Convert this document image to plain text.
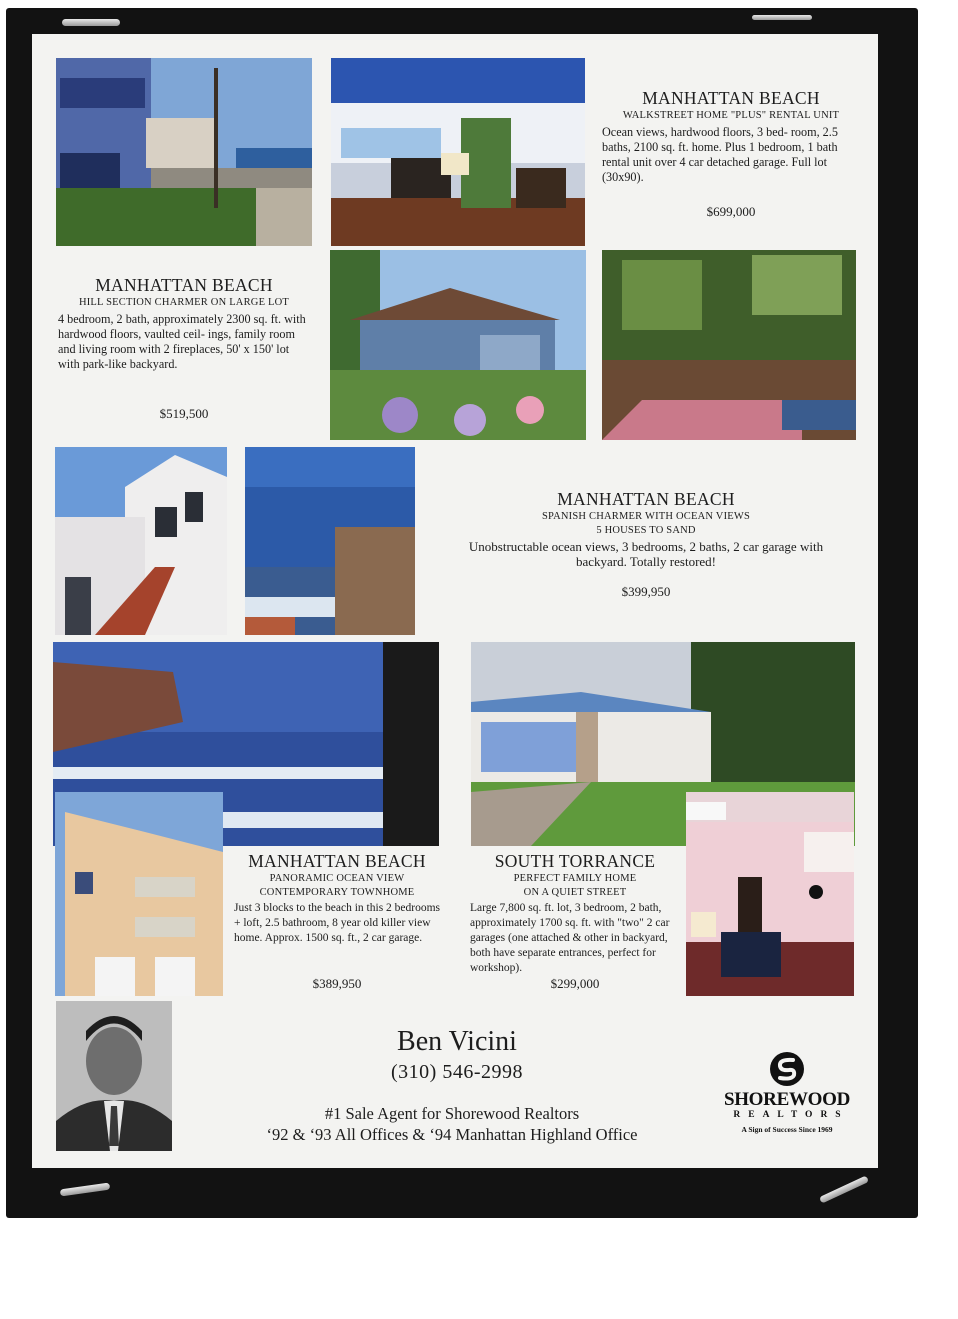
MANHATTAN BEACH
WALKSTREET HOME "PLUS" RENTAL UNIT
Ocean views, hardwood floors, 3 bed- room, 2.5 baths, 2100 sq. ft. home. Plus 1 bedroom, 1 bath rental unit over 4 car detached garage. Full lot (30x90).
$699,000
MANHATTAN BEACH
HILL SECTION CHARMER ON LARGE LOT
4 bedroom, 2 bath, approximately 2300 sq. ft. with hardwood floors, vaulted ceil- ings, family room and living room with 2 fireplaces, 50' x 150' lot with park-like backyard.
$519,500
MANHATTAN BEACH
SPANISH CHARMER WITH OCEAN VIEWS
5 HOUSES TO SAND
Unobstructable ocean views, 3 bedrooms, 2 baths, 2 car garage with backyard. Totally restored!
$399,950
MANHATTAN BEACH
PANORAMIC OCEAN VIEW
CONTEMPORARY TOWNHOME
Just 3 blocks to the beach in this 2 bedrooms + loft, 2.5 bathroom, 8 year old killer view home. Approx. 1500 sq. ft., 2 car garage.
$389,950
SOUTH TORRANCE
PERFECT FAMILY HOME
ON A QUIET STREET
Large 7,800 sq. ft. lot, 3 bedroom, 2 bath, approximately 1700 sq. ft. with "two" 2 car garages (one attached & other in backyard, both have separate entrances, perfect for workshop).
$299,000
Ben Vicini
(310) 546-2998
#1 Sale Agent for Shorewood Realtors
‘92 & ‘93 All Offices & ‘94 Manhattan Highland Office
SHOREWOOD
REALTORS
A Sign of Success Since 1969
